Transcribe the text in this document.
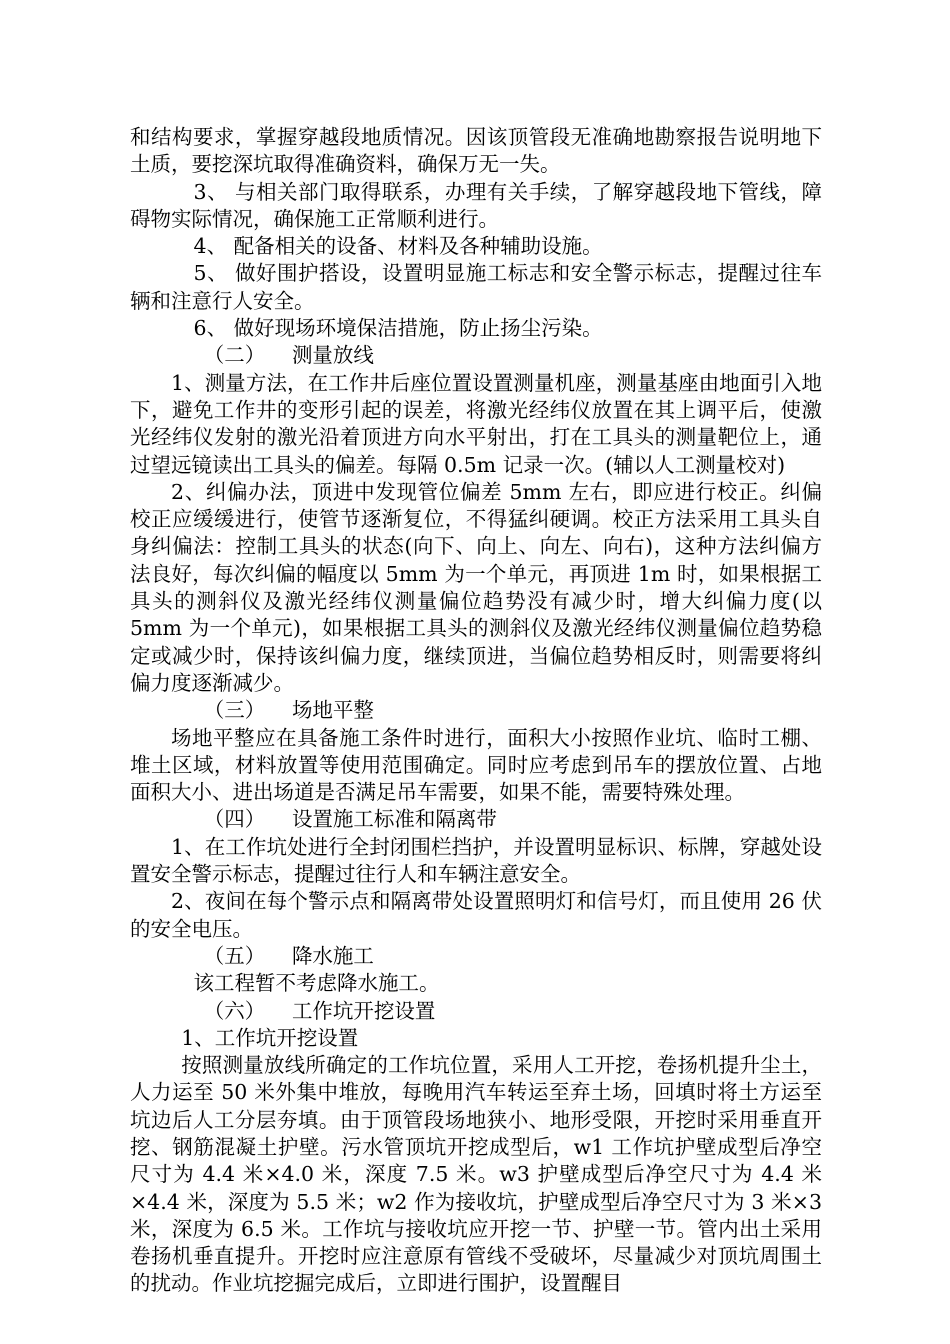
和结构要求，掌握穿越段地质情况。因该顶管段无准确地勘察报告说明地下土质，要挖深坑取得准确资料，确保万无一失。

3、 与相关部门取得联系，办理有关手续，了解穿越段地下管线，障碍物实际情况，确保施工正常顺利进行。

4、 配备相关的设备、材料及各种辅助设施。

5、 做好围护搭设，设置明显施工标志和安全警示标志，提醒过往车辆和注意行人安全。

6、 做好现场环境保洁措施，防止扬尘污染。

（二） 测量放线

1、测量方法，在工作井后座位置设置测量机座，测量基座由地面引入地下，避免工作井的变形引起的误差，将激光经纬仪放置在其上调平后，使激光经纬仪发射的激光沿着顶进方向水平射出，打在工具头的测量靶位上，通过望远镜读出工具头的偏差。每隔 0.5m 记录一次。(辅以人工测量校对)

2、纠偏办法，顶进中发现管位偏差 5mm 左右，即应进行校正。纠偏校正应缓缓进行，使管节逐渐复位，不得猛纠硬调。校正方法采用工具头自身纠偏法：控制工具头的状态(向下、向上、向左、向右)，这种方法纠偏方法良好，每次纠偏的幅度以 5mm 为一个单元，再顶进 1m 时，如果根据工具头的测斜仪及激光经纬仪测量偏位趋势没有减少时，增大纠偏力度(以 5mm 为一个单元)，如果根据工具头的测斜仪及激光经纬仪测量偏位趋势稳定或减少时，保持该纠偏力度，继续顶进，当偏位趋势相反时，则需要将纠偏力度逐渐减少。

（三） 场地平整

场地平整应在具备施工条件时进行，面积大小按照作业坑、临时工棚、堆土区域，材料放置等使用范围确定。同时应考虑到吊车的摆放位置、占地面积大小、进出场道是否满足吊车需要，如果不能，需要特殊处理。

（四） 设置施工标准和隔离带

1、在工作坑处进行全封闭围栏挡护，并设置明显标识、标牌，穿越处设置安全警示标志，提醒过往行人和车辆注意安全。

2、夜间在每个警示点和隔离带处设置照明灯和信号灯，而且使用 26 伏的安全电压。

（五） 降水施工

该工程暂不考虑降水施工。

（六） 工作坑开挖设置

1、工作坑开挖设置

按照测量放线所确定的工作坑位置，采用人工开挖，卷扬机提升尘土，人力运至 50 米外集中堆放，每晚用汽车转运至弃土场，回填时将土方运至坑边后人工分层夯填。由于顶管段场地狭小、地形受限，开挖时采用垂直开挖、钢筋混凝土护壁。污水管顶坑开挖成型后，w1 工作坑护壁成型后净空尺寸为 4.4 米×4.0 米，深度 7.5 米。w3 护壁成型后净空尺寸为 4.4 米×4.4 米，深度为 5.5 米；w2 作为接收坑，护壁成型后净空尺寸为 3 米×3 米，深度为 6.5 米。工作坑与接收坑应开挖一节、护壁一节。管内出土采用卷扬机垂直提升。开挖时应注意原有管线不受破坏，尽量减少对顶坑周围土的扰动。作业坑挖掘完成后，立即进行围护，设置醒目
